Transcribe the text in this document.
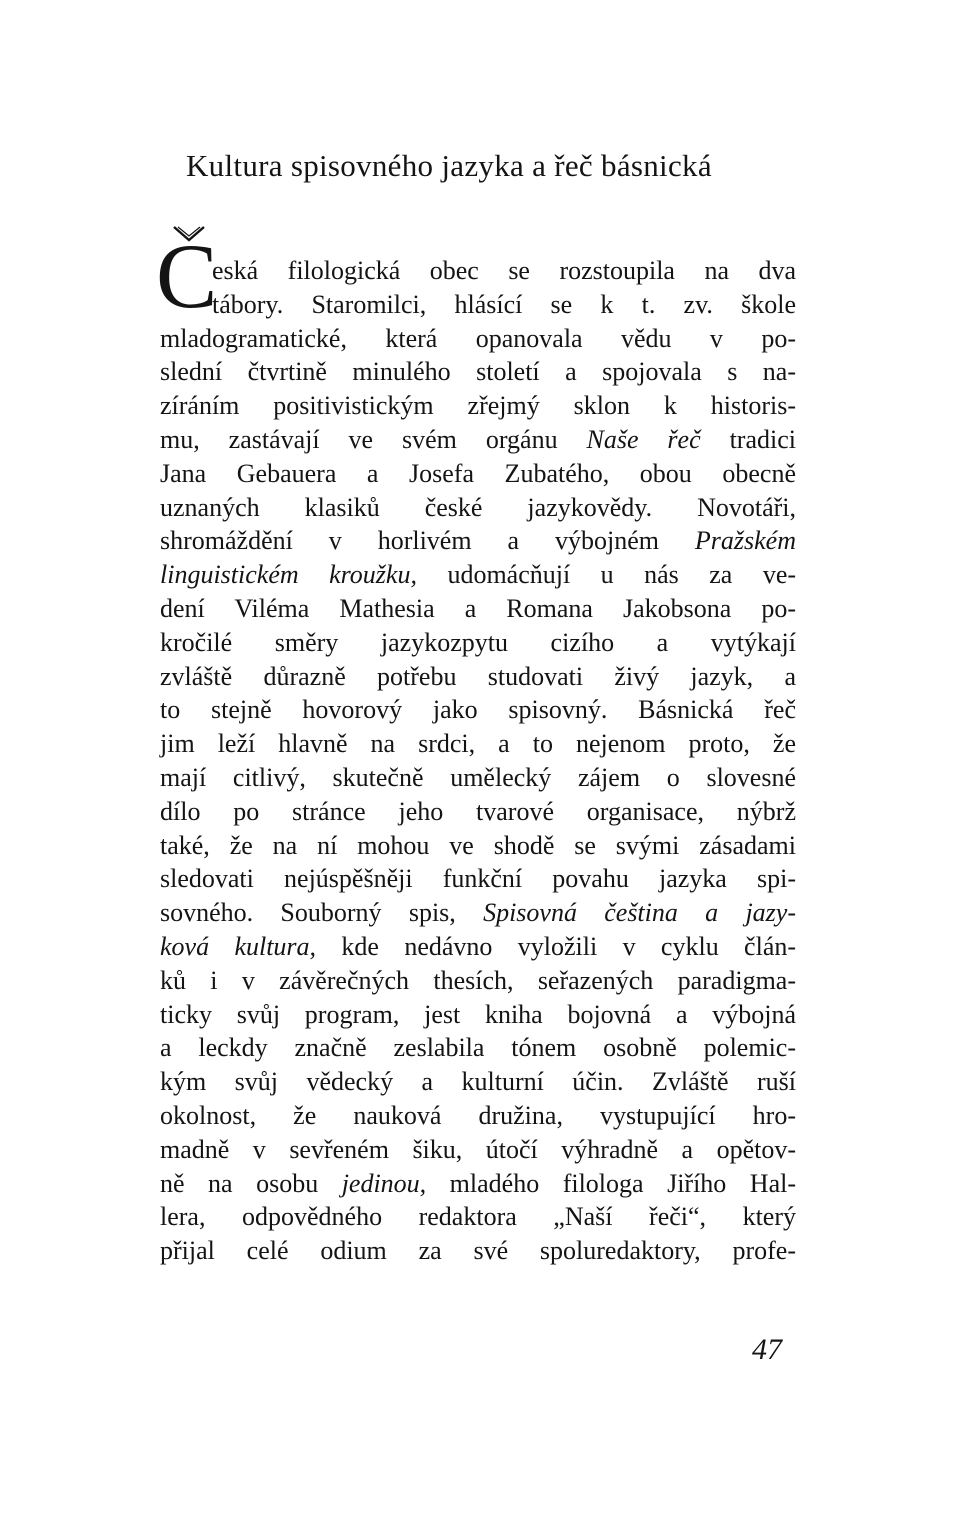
Kultura spisovného jazyka a řeč básnická
C
eská filologická obec se rozstoupila na dva
tábory. Staromilci, hlásící se k t. zv. škole
mladogramatické, která opanovala vědu v po-
slední čtvrtině minulého století a spojovala s na-
zíráním positivistickým zřejmý sklon k historis-
mu, zastávají ve svém orgánu Naše řeč tradici
Jana Gebauera a Josefa Zubatého, obou obecně
uznaných klasiků české jazykovědy. Novotáři,
shromáždění v horlivém a výbojném Pražském
linguistickém kroužku, udomácňují u nás za ve-
dení Viléma Mathesia a Romana Jakobsona po-
kročilé směry jazykozpytu cizího a vytýkají
zvláště důrazně potřebu studovati živý jazyk, a
to stejně hovorový jako spisovný. Básnická řeč
jim leží hlavně na srdci, a to nejenom proto, že
mají citlivý, skutečně umělecký zájem o slovesné
dílo po stránce jeho tvarové organisace, nýbrž
také, že na ní mohou ve shodě se svými zásadami
sledovati nejúspěšněji funkční povahu jazyka spi-
sovného. Souborný spis, Spisovná čeština a jazy-
ková kultura, kde nedávno vyložili v cyklu člán-
ků i v závěrečných thesích, seřazených paradigma-
ticky svůj program, jest kniha bojovná a výbojná
a leckdy značně zeslabila tónem osobně polemic-
kým svůj vědecký a kulturní účin. Zvláště ruší
okolnost, že nauková družina, vystupující hro-
madně v sevřeném šiku, útočí výhradně a opětov-
ně na osobu jedinou, mladého filologa Jiřího Hal-
lera, odpovědného redaktora „Naší řeči“, který
přijal celé odium za své spoluredaktory, profe-
47
